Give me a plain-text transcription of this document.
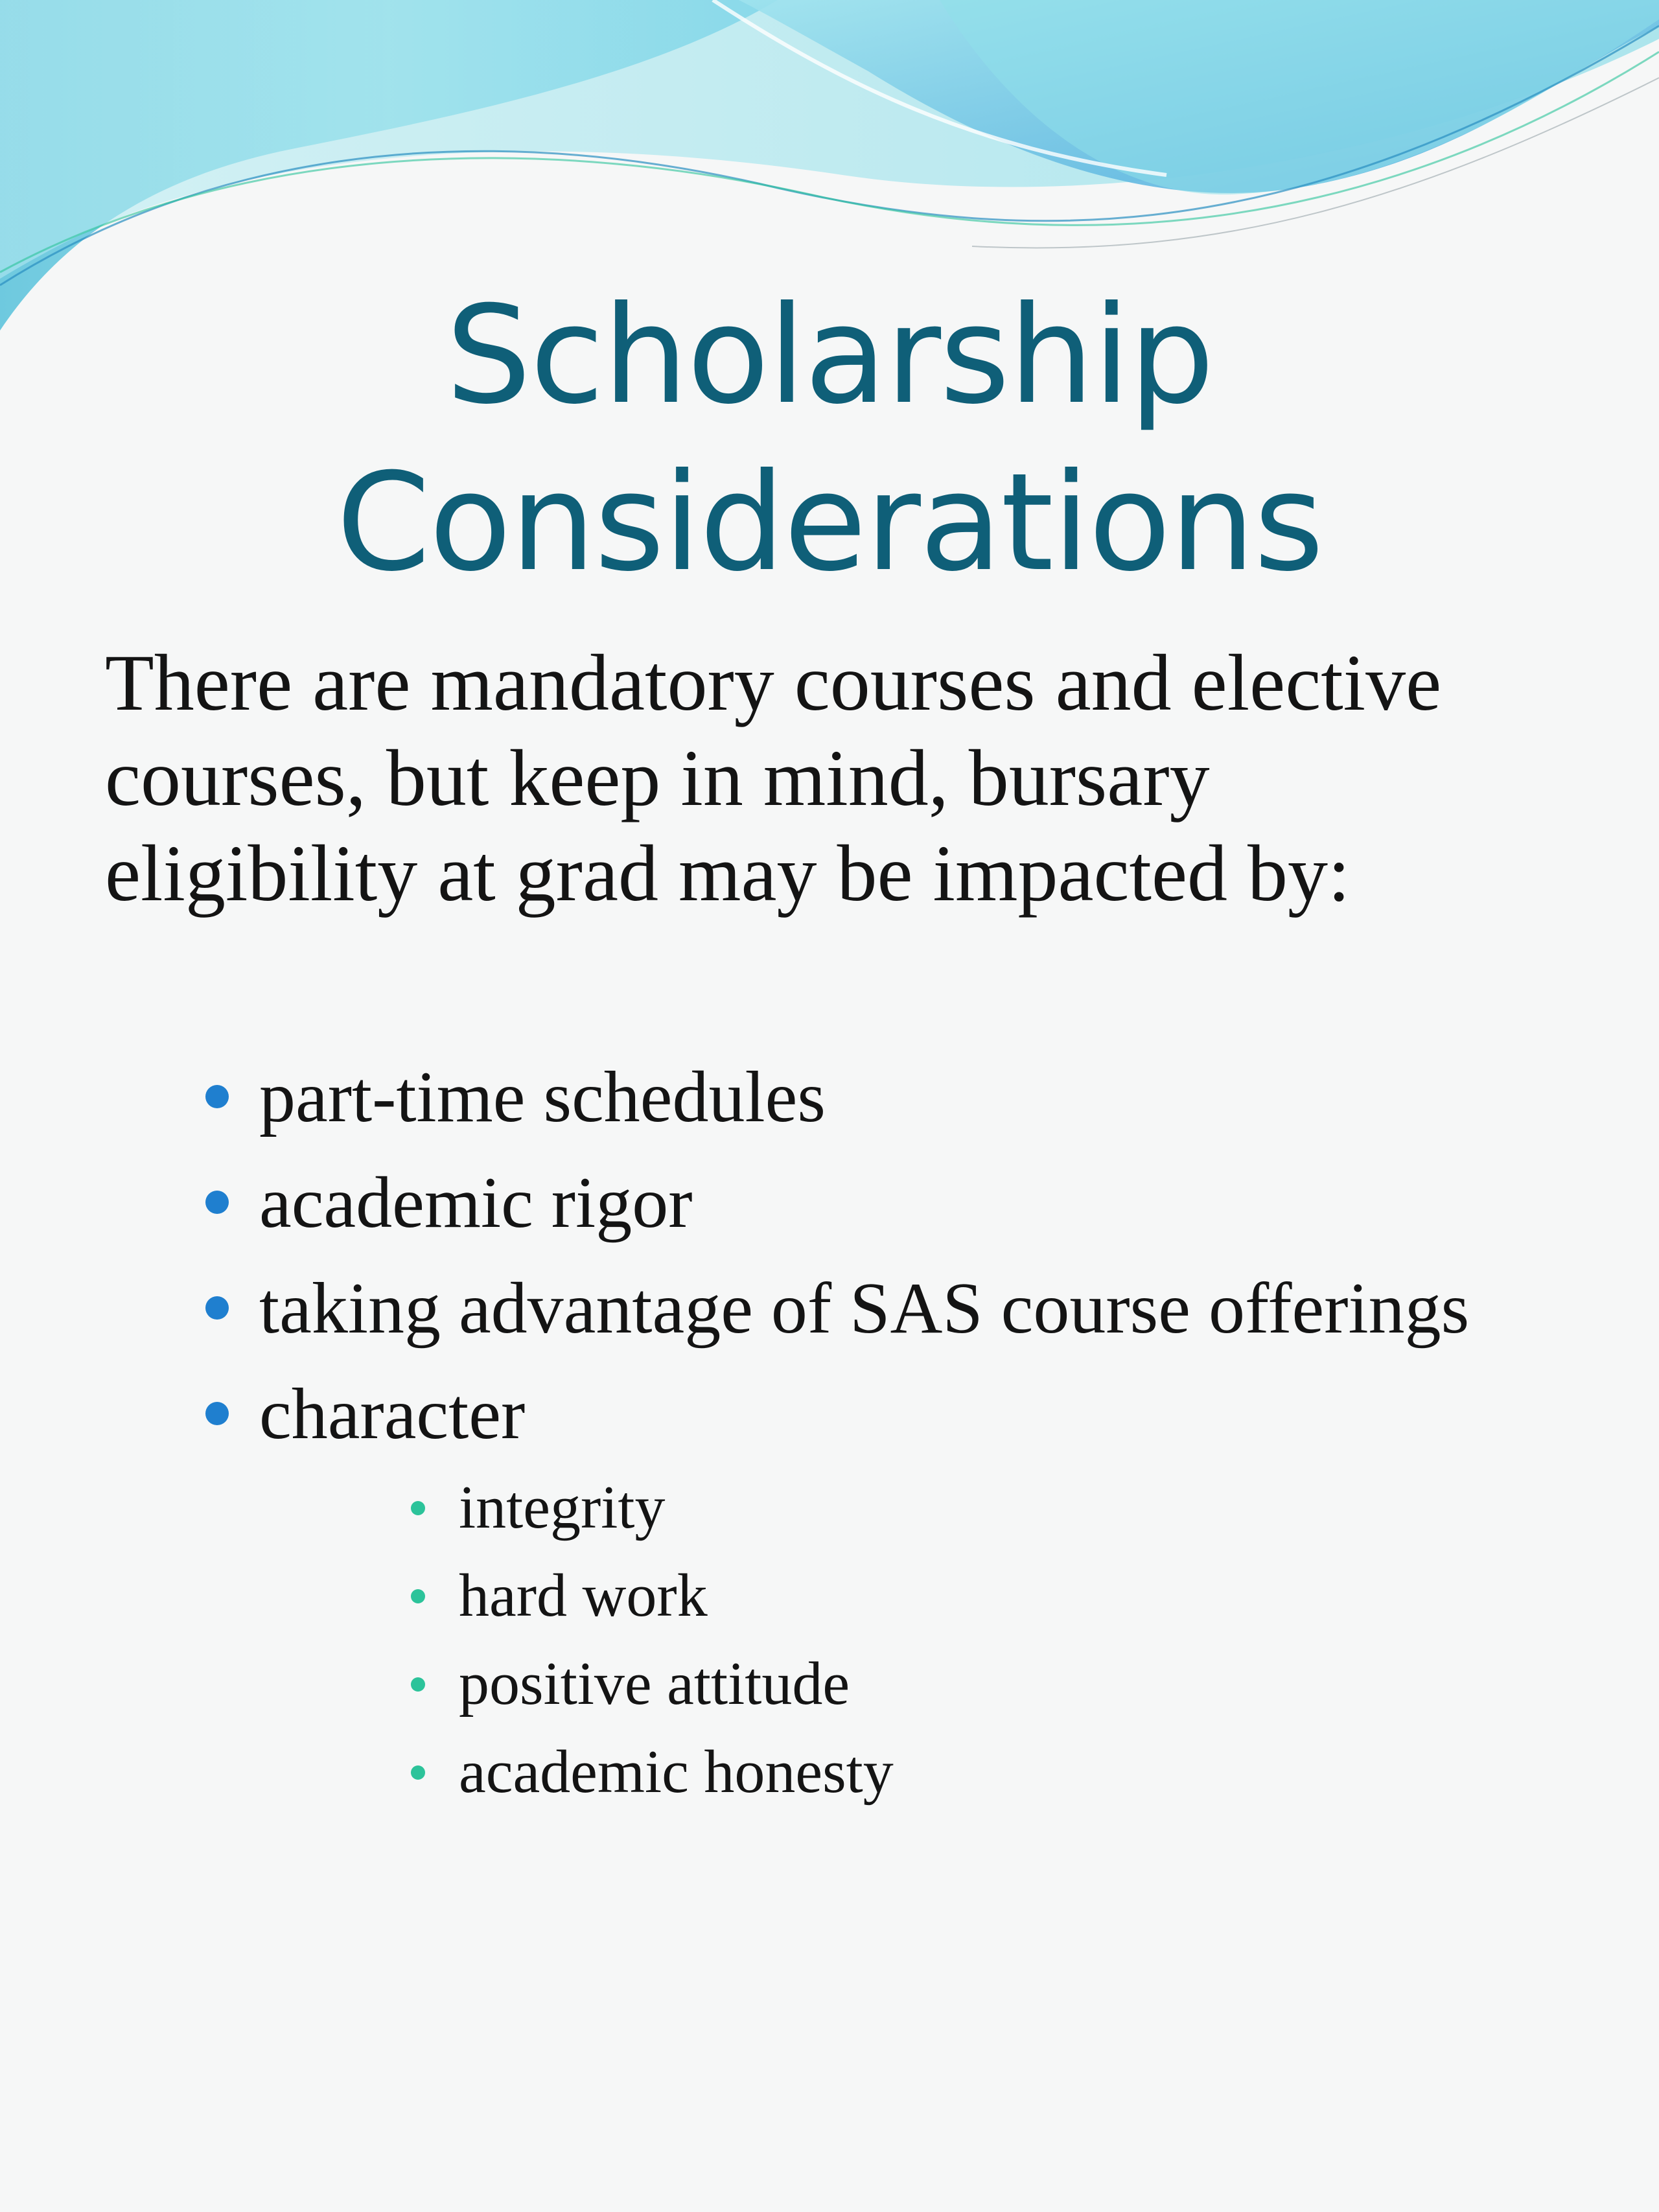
Scholarship
Considerations

There are mandatory courses and elective
courses, but keep in mind, bursary
eligibility at grad may be impacted by:

part-time schedules
academic rigor
taking advantage of SAS course offerings
character
integrity
hard work
positive attitude
academic honesty
